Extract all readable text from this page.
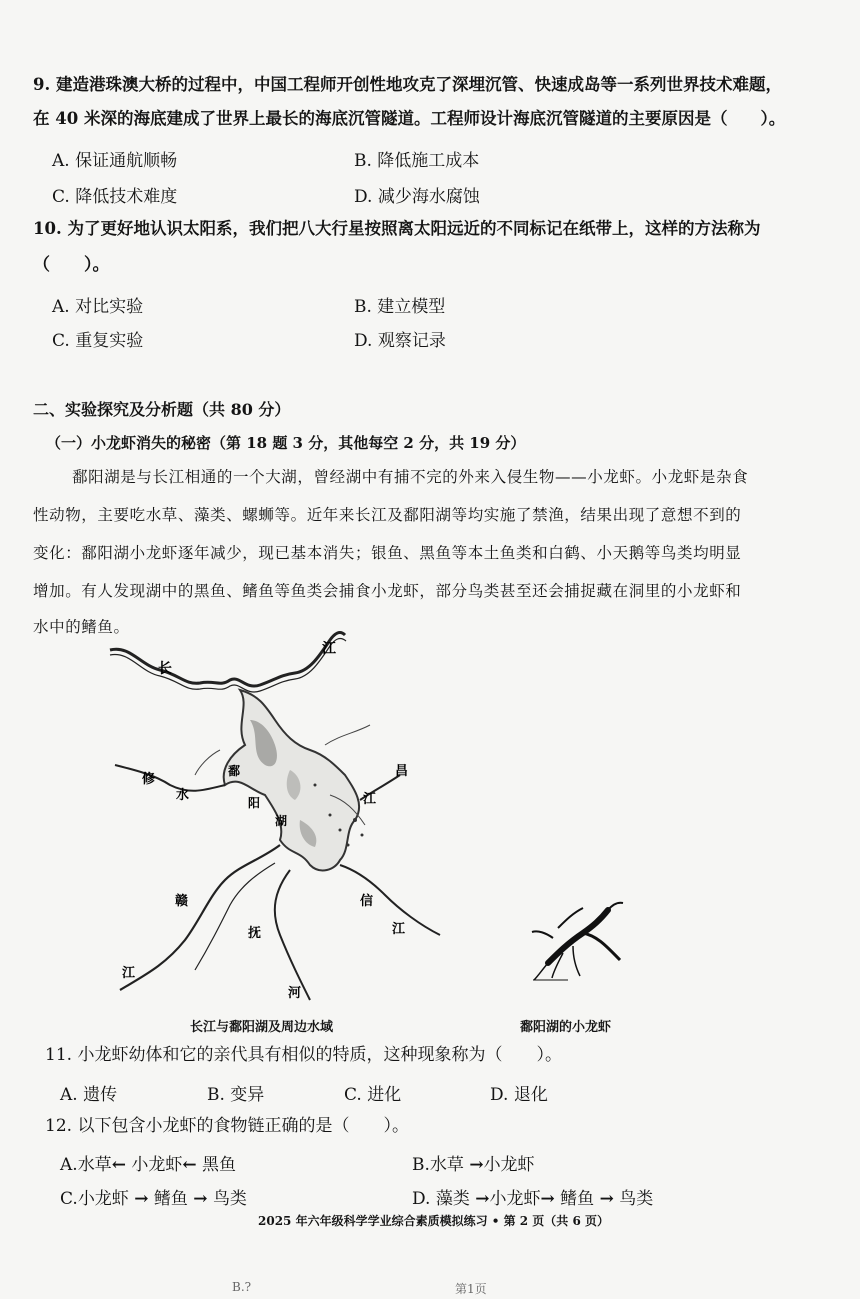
9. 建造港珠澳大桥的过程中，中国工程师开创性地攻克了深埋沉管、快速成岛等一系列世界技术难题，
在 40 米深的海底建成了世界上最长的海底沉管隧道。工程师设计海底沉管隧道的主要原因是（　　）。
A. 保证通航顺畅	B. 降低施工成本
C. 降低技术难度	D. 减少海水腐蚀
10. 为了更好地认识太阳系，我们把八大行星按照离太阳远近的不同标记在纸带上，这样的方法称为
（　　）。
A. 对比实验	B. 建立模型
C. 重复实验	D. 观察记录
二、实验探究及分析题（共 80 分）
（一）小龙虾消失的秘密（第 18 题 3 分，其他每空 2 分，共 19 分）
鄱阳湖是与长江相通的一个大湖，曾经湖中有捕不完的外来入侵生物——小龙虾。小龙虾是杂食
性动物，主要吃水草、藻类、螺蛳等。近年来长江及鄱阳湖等均实施了禁渔，结果出现了意想不到的
变化：鄱阳湖小龙虾逐年减少，现已基本消失；银鱼、黑鱼等本土鱼类和白鹤、小天鹅等鸟类均明显
增加。有人发现湖中的黑鱼、鳍鱼等鱼类会捕食小龙虾，部分鸟类甚至还会捕捉藏在洞里的小龙虾和
水中的鳍鱼。
长
江
修
水
鄱
阳
湖
昌
江
信
江
赣
抚
江
河
长江与鄱阳湖及周边水域	鄱阳湖的小龙虾
11. 小龙虾幼体和它的亲代具有相似的特质，这种现象称为（　　）。
A. 遗传	B. 变异	C. 进化	D. 退化
12. 以下包含小龙虾的食物链正确的是（　　）。
A.水草← 小龙虾← 黑鱼	B.水草 →小龙虾
C.小龙虾 → 鳍鱼 → 鸟类	D. 藻类 →小龙虾→ 鳍鱼 → 鸟类
2025 年六年级科学学业综合素质模拟练习 • 第 2 页（共 6 页）
B.?	第1页
